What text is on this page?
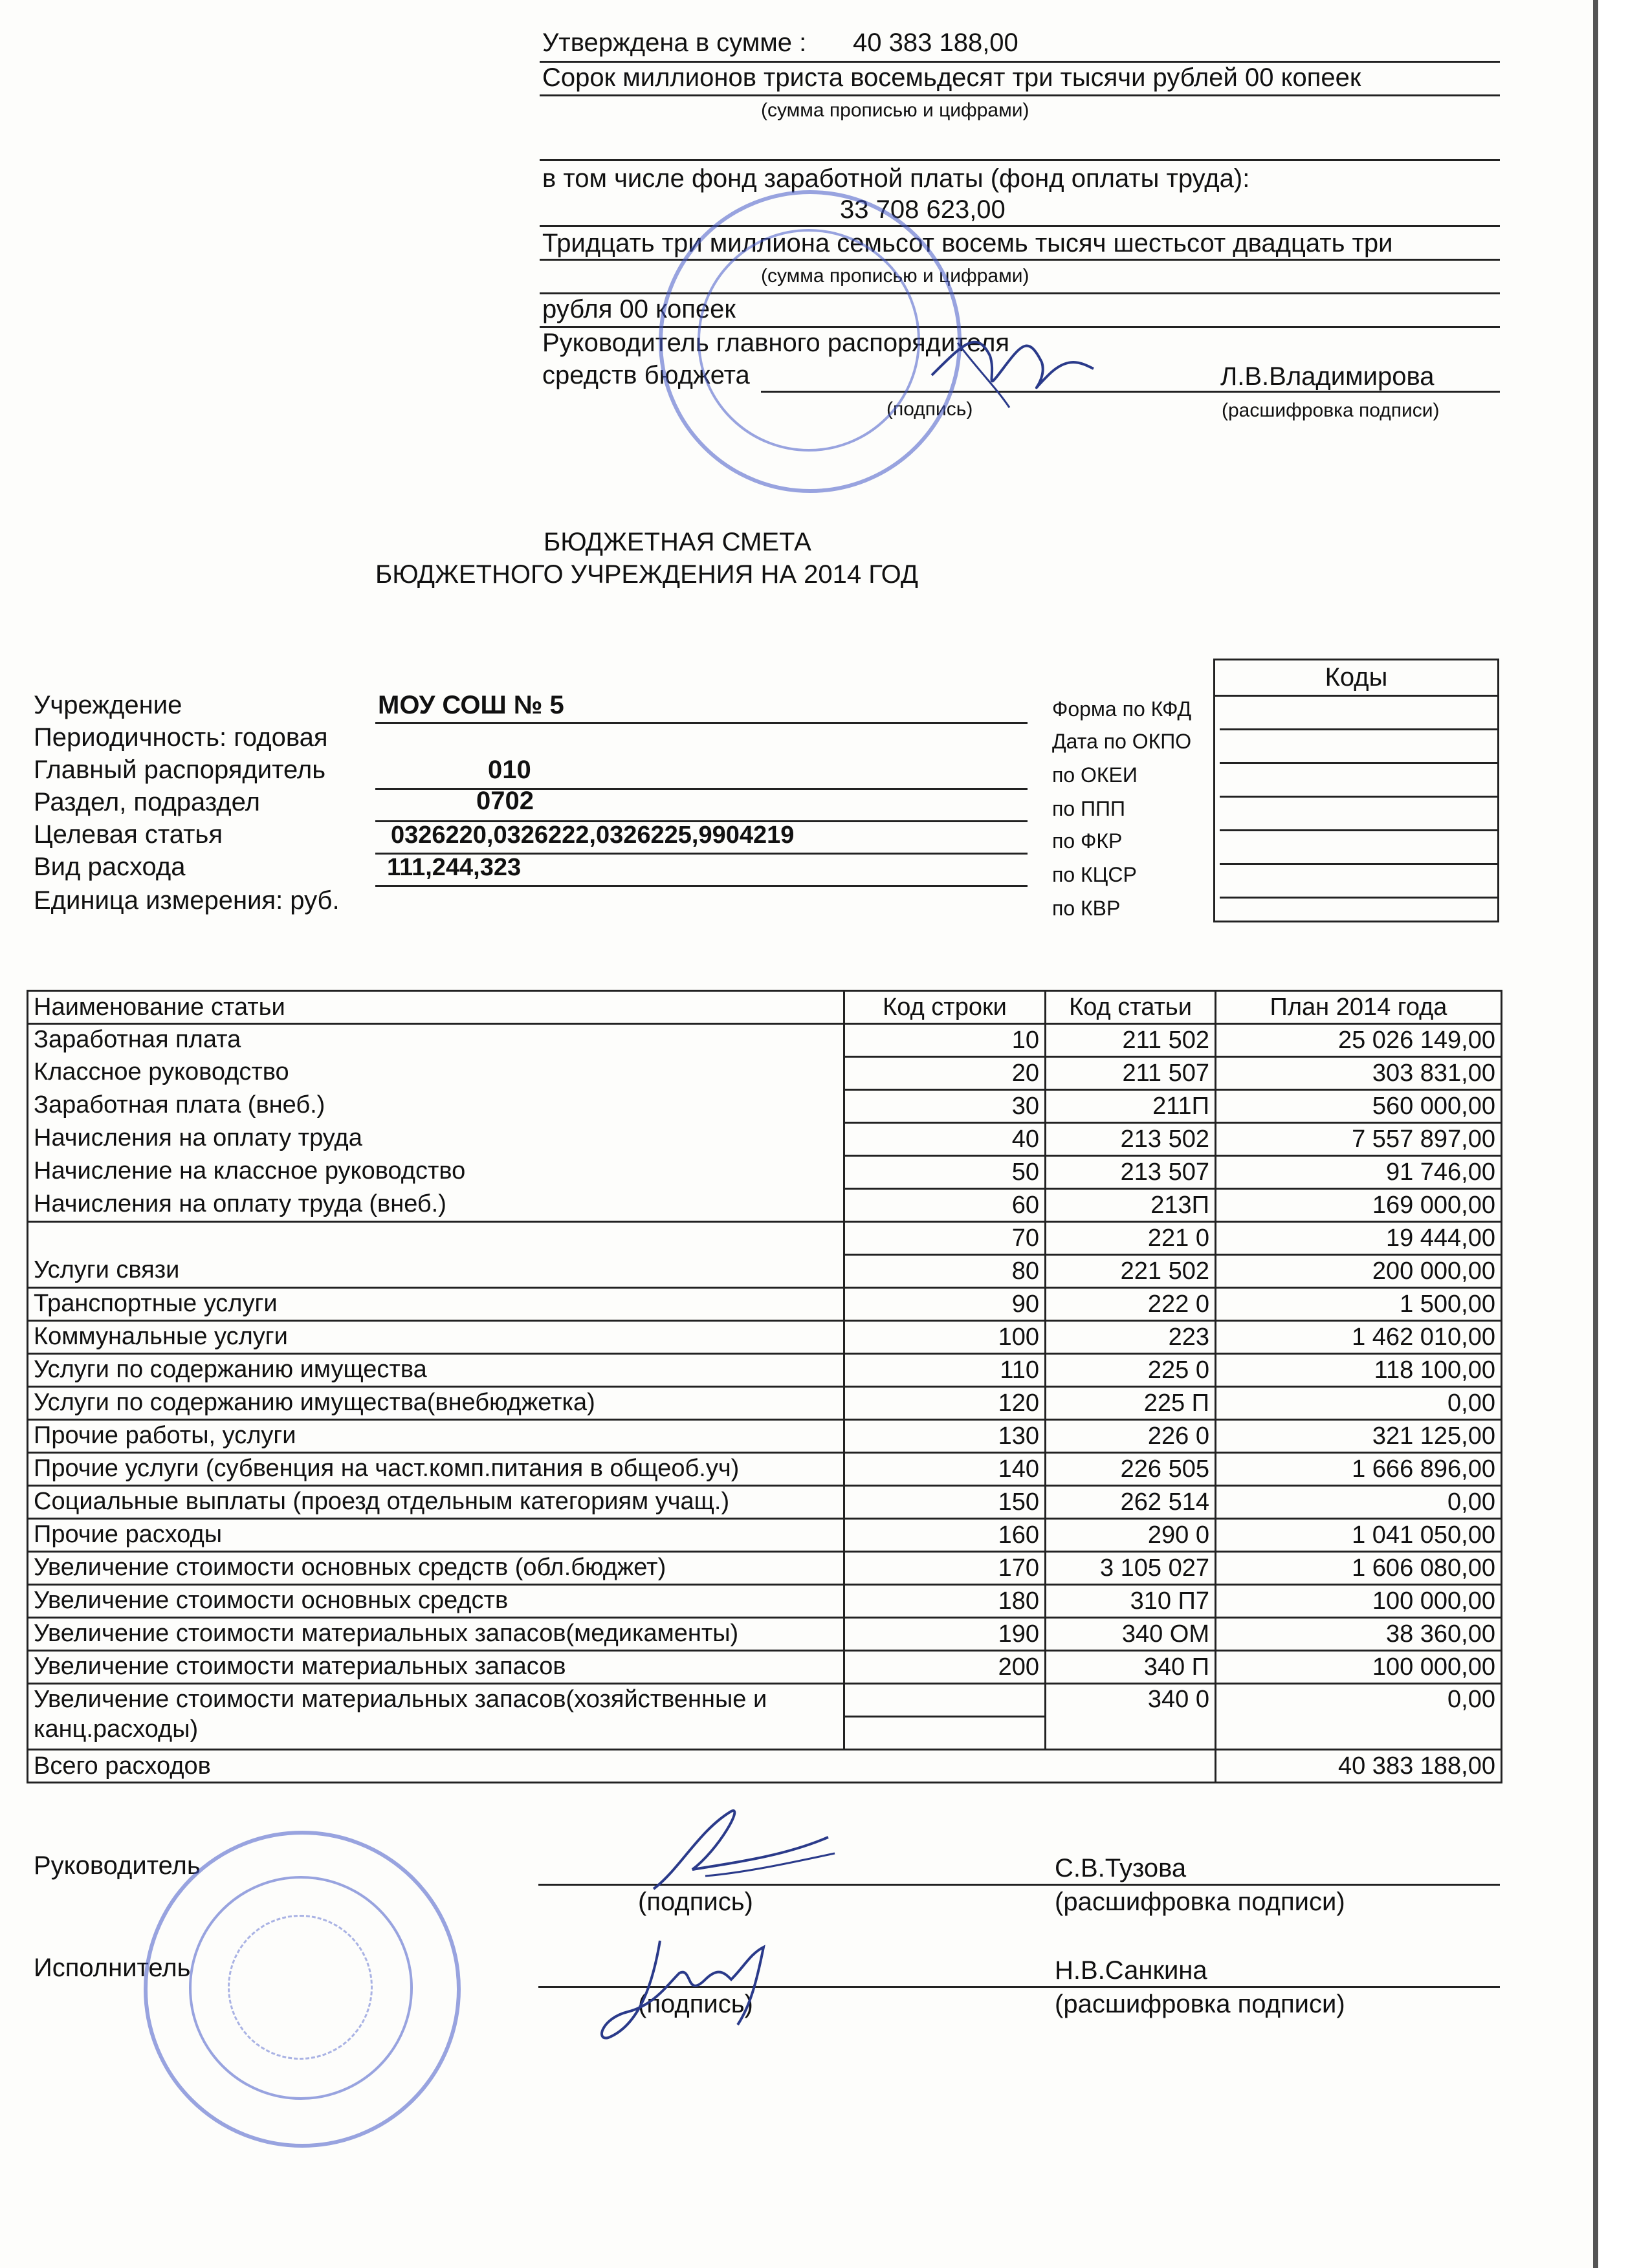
Утверждена в сумме : 40 383 188,00
Сорок миллионов триста восемьдесят три тысячи рублей 00 копеек
(сумма прописью и цифрами)
в том числе фонд заработной платы (фонд оплаты труда):
33 708 623,00
Тридцать три миллиона семьсот восемь тысяч шестьсот двадцать три
(сумма прописью и цифрами)
рубля 00 копеек
Руководитель главного распорядителя
средств бюджета	Л.В.Владимирова
(подпись)	(расшифровка подписи)
БЮДЖЕТНАЯ СМЕТА
БЮДЖЕТНОГО УЧРЕЖДЕНИЯ НА 2014 ГОД
Учреждение	МОУ СОШ № 5	Форма по КФД
Периодичность: годовая	Дата по ОКПО
Главный распорядитель	010	по ОКЕИ
Раздел, подраздел	0702	по ППП
Целевая статья	0326220,0326222,0326225,9904219	по ФКР
Вид расхода	111,244,323	по КЦСР
Единица измерения: руб.	по КВР
Коды
Наименование статьи	Код строки	Код статьи	План 2014 года
Заработная плата	10	211 502	25 026 149,00
Классное руководство	20	211 507	303 831,00
Заработная плата (внеб.)	30	211П	560 000,00
Начисления на оплату труда	40	213 502	7 557 897,00
Начисление на классное руководство	50	213 507	91 746,00
Начисления на оплату труда (внеб.)	60	213П	169 000,00
	70	221 0	19 444,00
Услуги связи	80	221 502	200 000,00
Транспортные услуги	90	222 0	1 500,00
Коммунальные услуги	100	223	1 462 010,00
Услуги по содержанию имущества	110	225 0	118 100,00
Услуги по содержанию имущества(внебюджетка)	120	225 П	0,00
Прочие работы, услуги	130	226 0	321 125,00
Прочие услуги (субвенция на част.комп.питания в общеоб.уч)	140	226 505	1 666 896,00
Социальные выплаты (проезд отдельным категориям учащ.)	150	262 514	0,00
Прочие расходы	160	290 0	1 041 050,00
Увеличение стоимости основных средств (обл.бюджет)	170	3 105 027	1 606 080,00
Увеличение стоимости основных средств	180	310 П7	100 000,00
Увеличение стоимости материальных запасов(медикаменты)	190	340 ОМ	38 360,00
Увеличение стоимости материальных запасов	200	340 П	100 000,00
Увеличение стоимости материальных запасов(хозяйственные и канц.расходы)		340 0	0,00

Всего расходов			40 383 188,00
Руководитель	С.В.Тузова
(подпись)	(расшифровка подписи)
Исполнитель	Н.В.Санкина
(подпись)	(расшифровка подписи)
